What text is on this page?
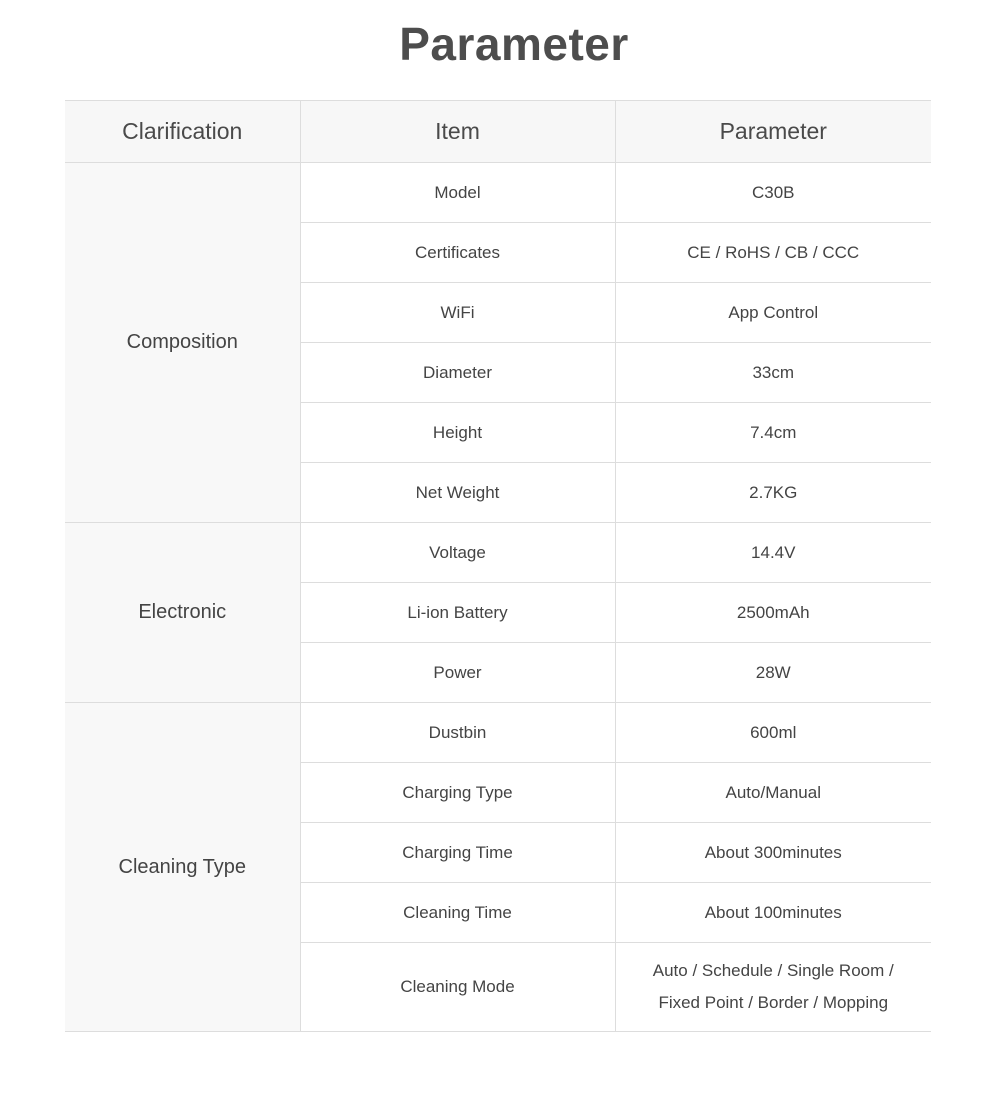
Parameter
Clarification	Item	Parameter
Composition	Model	C30B
	Certificates	CE / RoHS / CB / CCC
	WiFi	App Control
	Diameter	33cm
	Height	7.4cm
	Net Weight	2.7KG
Electronic	Voltage	14.4V
	Li-ion Battery	2500mAh
	Power	28W
Cleaning Type	Dustbin	600ml
	Charging Type	Auto/Manual
	Charging Time	About 300minutes
	Cleaning Time	About 100minutes
	Cleaning Mode	Auto / Schedule / Single Room /
Fixed Point / Border / Mopping
